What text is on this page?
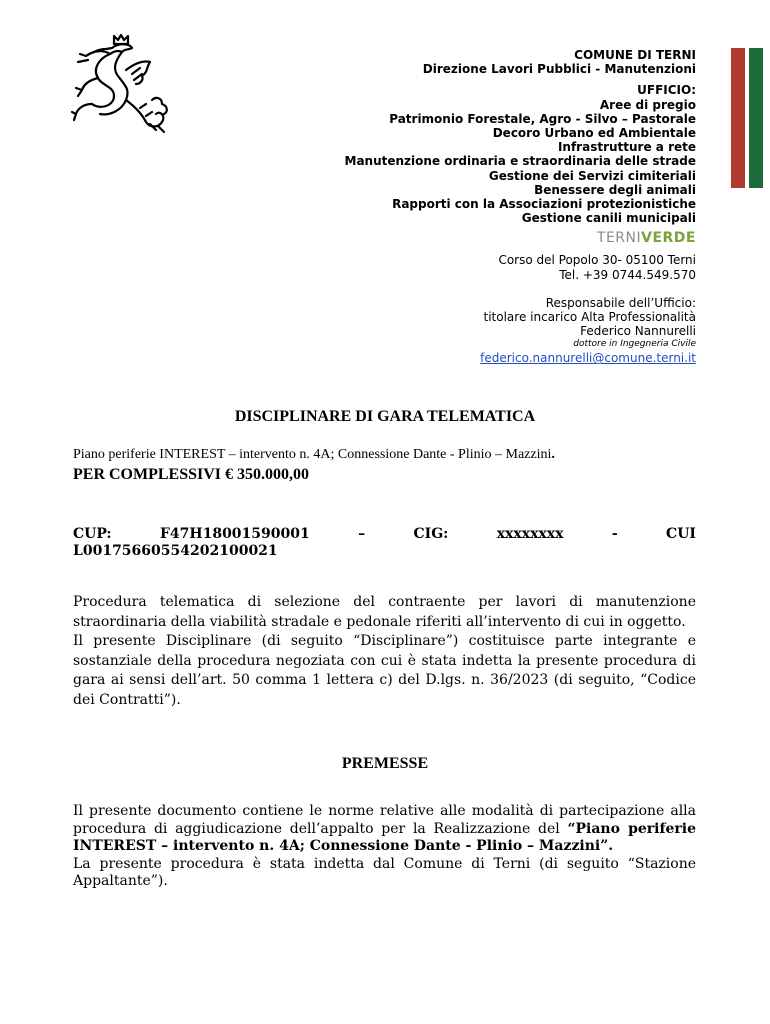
COMUNE DI TERNI
Direzione Lavori Pubblici - Manutenzioni
UFFICIO:
Aree di pregio
Patrimonio Forestale, Agro - Silvo – Pastorale
Decoro Urbano ed Ambientale
Infrastrutture a rete
Manutenzione ordinaria e straordinaria delle strade
Gestione dei Servizi cimiteriali
Benessere degli animali
Rapporti con la Associazioni protezionistiche
Gestione canili municipali
TERNIVERDE
Corso del Popolo 30- 05100 Terni
Tel. +39 0744.549.570
Responsabile dell’Ufficio:
titolare incarico Alta Professionalità
Federico Nannurelli
dottore in Ingegneria Civile
federico.nannurelli@comune.terni.it
DISCIPLINARE DI GARA TELEMATICA
Piano periferie INTEREST – intervento n. 4A; Connessione Dante - Plinio – Mazzini.
PER COMPLESSIVI € 350.000,00
CUP:	F47H18001590001	–	CIG:	xxxxxxxx	-	CUI
L00175660554202100021

Procedura telematica di selezione del contraente per lavori di manutenzione straordinaria della viabilità stradale e pedonale riferiti all’intervento di cui in oggetto.

Il presente Disciplinare (di seguito “Disciplinare”) costituisce parte integrante e sostanziale della procedura negoziata con cui è stata indetta la presente procedura di gara ai sensi dell’art. 50 comma 1 lettera c) del D.lgs. n. 36/2023 (di seguito, “Codice dei Contratti”).

PREMESSE

Il presente documento contiene le norme relative alle modalità di partecipazione alla procedura di aggiudicazione dell’appalto per la Realizzazione del “Piano periferie INTEREST – intervento n. 4A; Connessione Dante - Plinio – Mazzini”.

La presente procedura è stata indetta dal Comune di Terni (di seguito “Stazione Appaltante”).
